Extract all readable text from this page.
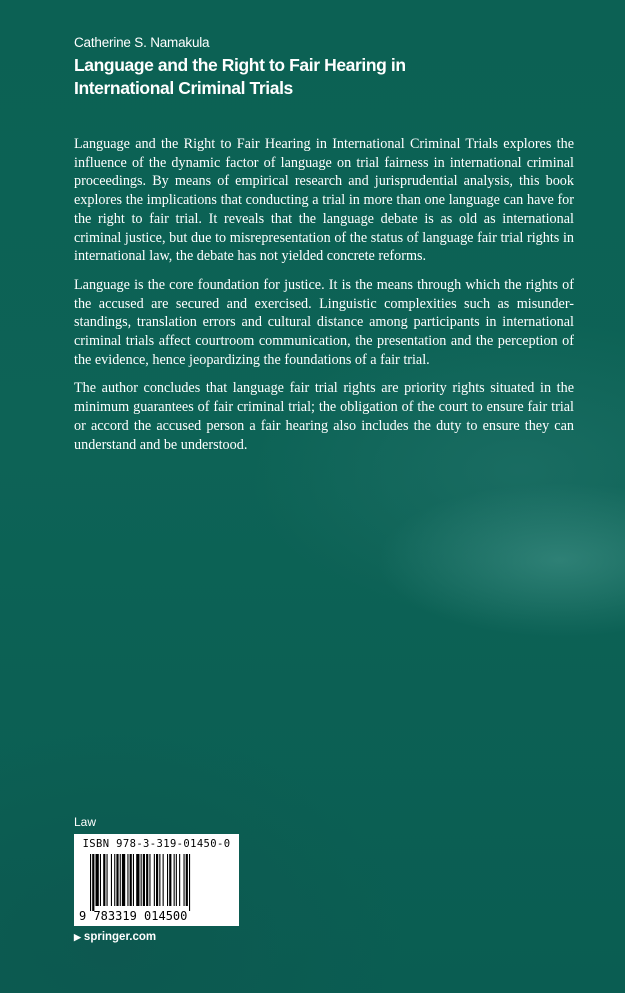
Catherine S. Namakula
Language and the Right to Fair Hearing in
International Criminal Trials

Language and the Right to Fair Hearing in International Criminal Trials explores the influence of the dynamic factor of language on trial fairness in international criminal proceedings. By means of empirical research and jurisprudential analysis, this book explores the implications that conducting a trial in more than one language can have for the right to fair trial. It reveals that the language debate is as old as international criminal justice, but due to misrepresentation of the status of language fair trial rights in international law, the debate has not yielded concrete reforms.

Language is the core foundation for justice. It is the means through which the rights of the accused are secured and exercised. Linguistic complexities such as misunder-standings, translation errors and cultural distance among participants in international criminal trials affect courtroom communication, the presentation and the perception of the evidence, hence jeopardizing the foundations of a fair trial.

The author concludes that language fair trial rights are priority rights situated in the minimum guarantees of fair criminal trial; the obligation of the court to ensure fair trial or accord the accused person a fair hearing also includes the duty to ensure they can understand and be understood.

Law
ISBN 978-3-319-01450-0
9 783319 014500
▶ springer.com
